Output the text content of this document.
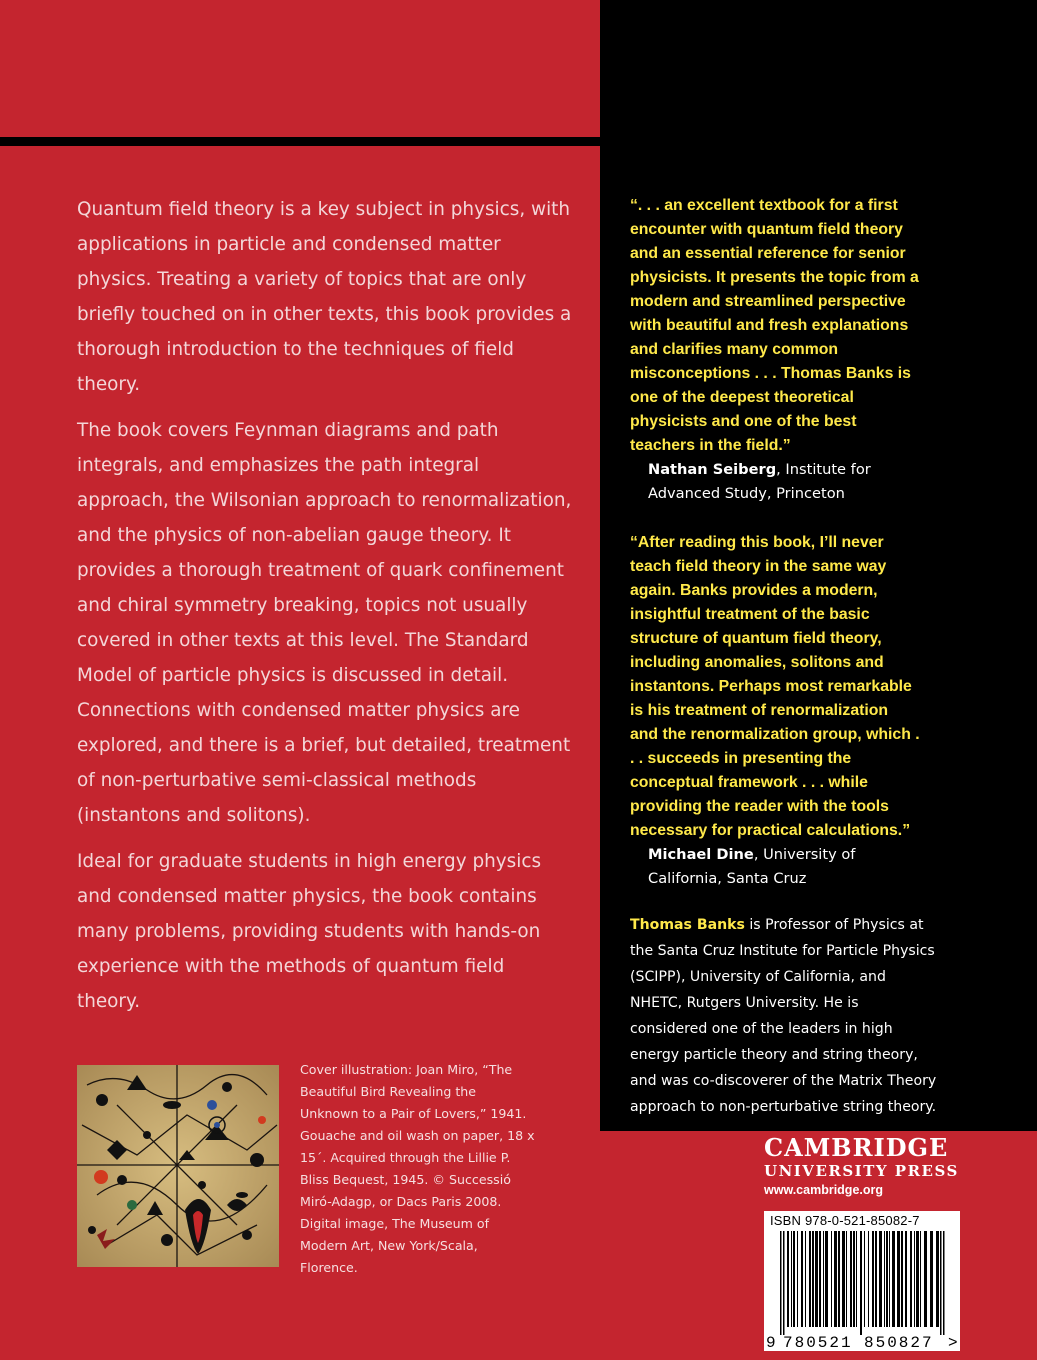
Quantum field theory is a key subject in physics, with applications in particle and condensed matter physics. Treating a variety of topics that are only briefly touched on in other texts, this book provides a thorough introduction to the techniques of field theory.

The book covers Feynman diagrams and path integrals, and emphasizes the path integral approach, the Wilsonian approach to renormalization, and the physics of non-abelian gauge theory. It provides a thorough treatment of quark confinement and chiral symmetry breaking, topics not usually covered in other texts at this level. The Standard Model of particle physics is discussed in detail. Connections with condensed matter physics are explored, and there is a brief, but detailed, treatment of non-perturbative semi-classical methods (instantons and solitons).

Ideal for graduate students in high energy physics and condensed matter physics, the book contains many problems, providing students with hands-on experience with the methods of quantum field theory.

“. . . an excellent textbook for a first encounter with quantum field theory and an essential reference for senior physicists. It presents the topic from a modern and streamlined perspective with beautiful and fresh explanations and clarifies many common misconceptions . . . Thomas Banks is one of the deepest theoretical physicists and one of the best teachers in the field.”

Nathan Seiberg, Institute for Advanced Study, Princeton

“After reading this book, I’ll never teach field theory in the same way again. Banks provides a modern, insightful treatment of the basic structure of quantum field theory, including anomalies, solitons and instantons. Perhaps most remarkable is his treatment of renormalization and the renormalization group, which . . . succeeds in presenting the conceptual framework . . . while providing the reader with the tools necessary for practical calculations.”

Michael Dine, University of California, Santa Cruz

Thomas Banks is Professor of Physics at the Santa Cruz Institute for Particle Physics (SCIPP), University of California, and NHETC, Rutgers University. He is considered one of the leaders in high energy particle theory and string theory, and was co-discoverer of the Matrix Theory approach to non-perturbative string theory.
Cover illustration: Joan Miro, “The Beautiful Bird Revealing the Unknown to a Pair of Lovers,” 1941. Gouache and oil wash on paper, 18 x 15´. Acquired through the Lillie P. Bliss Bequest, 1945. © Successió Miró-Adagp, or Dacs Paris 2008. Digital image, The Museum of Modern Art, New York/Scala, Florence.
CAMBRIDGE
UNIVERSITY PRESS
www.cambridge.org
ISBN 978-0-521-85082-7
9 780521 850827 >
